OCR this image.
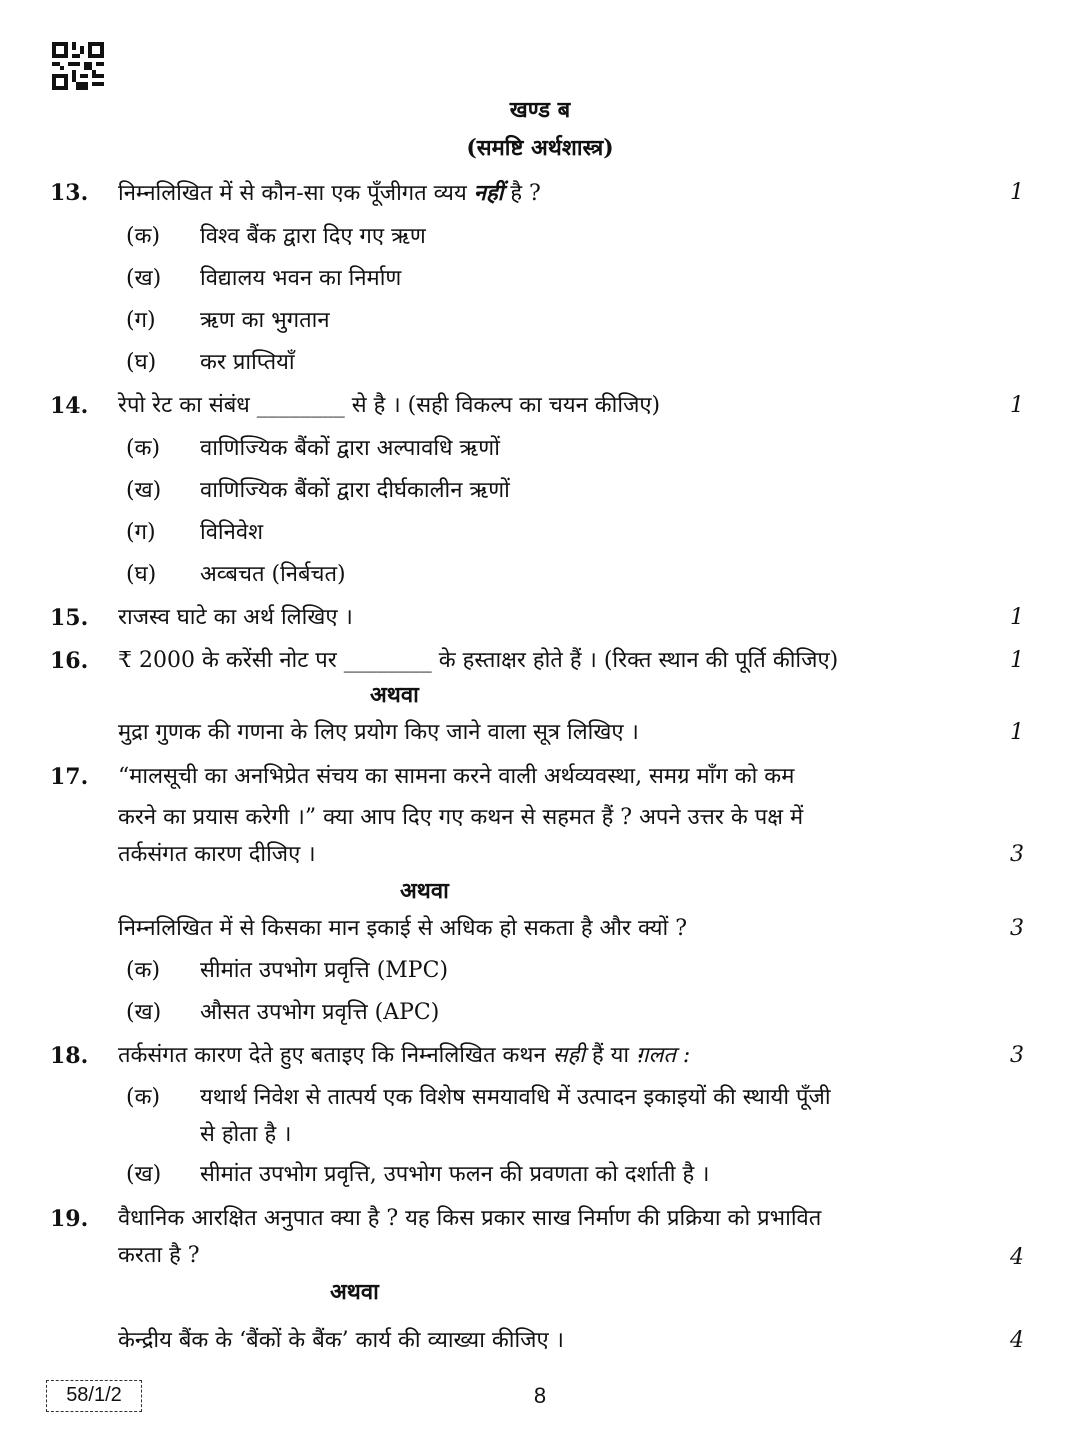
खण्ड ब
(समष्टि अर्थशास्त्र)
13. निम्नलिखित में से कौन-सा एक पूँजीगत व्यय नहीं है ?	1
(क) विश्व बैंक द्वारा दिए गए ऋण
(ख) विद्यालय भवन का निर्माण
(ग) ऋण का भुगतान
(घ) कर प्राप्तियाँ
14. रेपो रेट का संबंध ________ से है । (सही विकल्प का चयन कीजिए)	1
(क) वाणिज्यिक बैंकों द्वारा अल्पावधि ऋणों
(ख) वाणिज्यिक बैंकों द्वारा दीर्घकालीन ऋणों
(ग) विनिवेश
(घ) अव्बचत (निर्बचत)
15. राजस्व घाटे का अर्थ लिखिए ।	1
16. ₹ 2000 के करेंसी नोट पर ________ के हस्ताक्षर होते हैं । (रिक्त स्थान की पूर्ति कीजिए)	1
अथवा
मुद्रा गुणक की गणना के लिए प्रयोग किए जाने वाला सूत्र लिखिए ।	1
17. “मालसूची का अनभिप्रेत संचय का सामना करने वाली अर्थव्यवस्था, समग्र माँग को कम
करने का प्रयास करेगी ।” क्या आप दिए गए कथन से सहमत हैं ? अपने उत्तर के पक्ष में
तर्कसंगत कारण दीजिए ।	3
अथवा
निम्नलिखित में से किसका मान इकाई से अधिक हो सकता है और क्यों ?	3
(क) सीमांत उपभोग प्रवृत्ति (MPC)
(ख) औसत उपभोग प्रवृत्ति (APC)
18. तर्कसंगत कारण देते हुए बताइए कि निम्नलिखित कथन सही हैं या ग़लत :	3
(क) यथार्थ निवेश से तात्पर्य एक विशेष समयावधि में उत्पादन इकाइयों की स्थायी पूँजी
से होता है ।
(ख) सीमांत उपभोग प्रवृत्ति, उपभोग फलन की प्रवणता को दर्शाती है ।
19. वैधानिक आरक्षित अनुपात क्या है ? यह किस प्रकार साख निर्माण की प्रक्रिया को प्रभावित
करता है ?	4
अथवा
केन्द्रीय बैंक के ‘बैंकों के बैंक’ कार्य की व्याख्या कीजिए ।	4
58/1/2	8
